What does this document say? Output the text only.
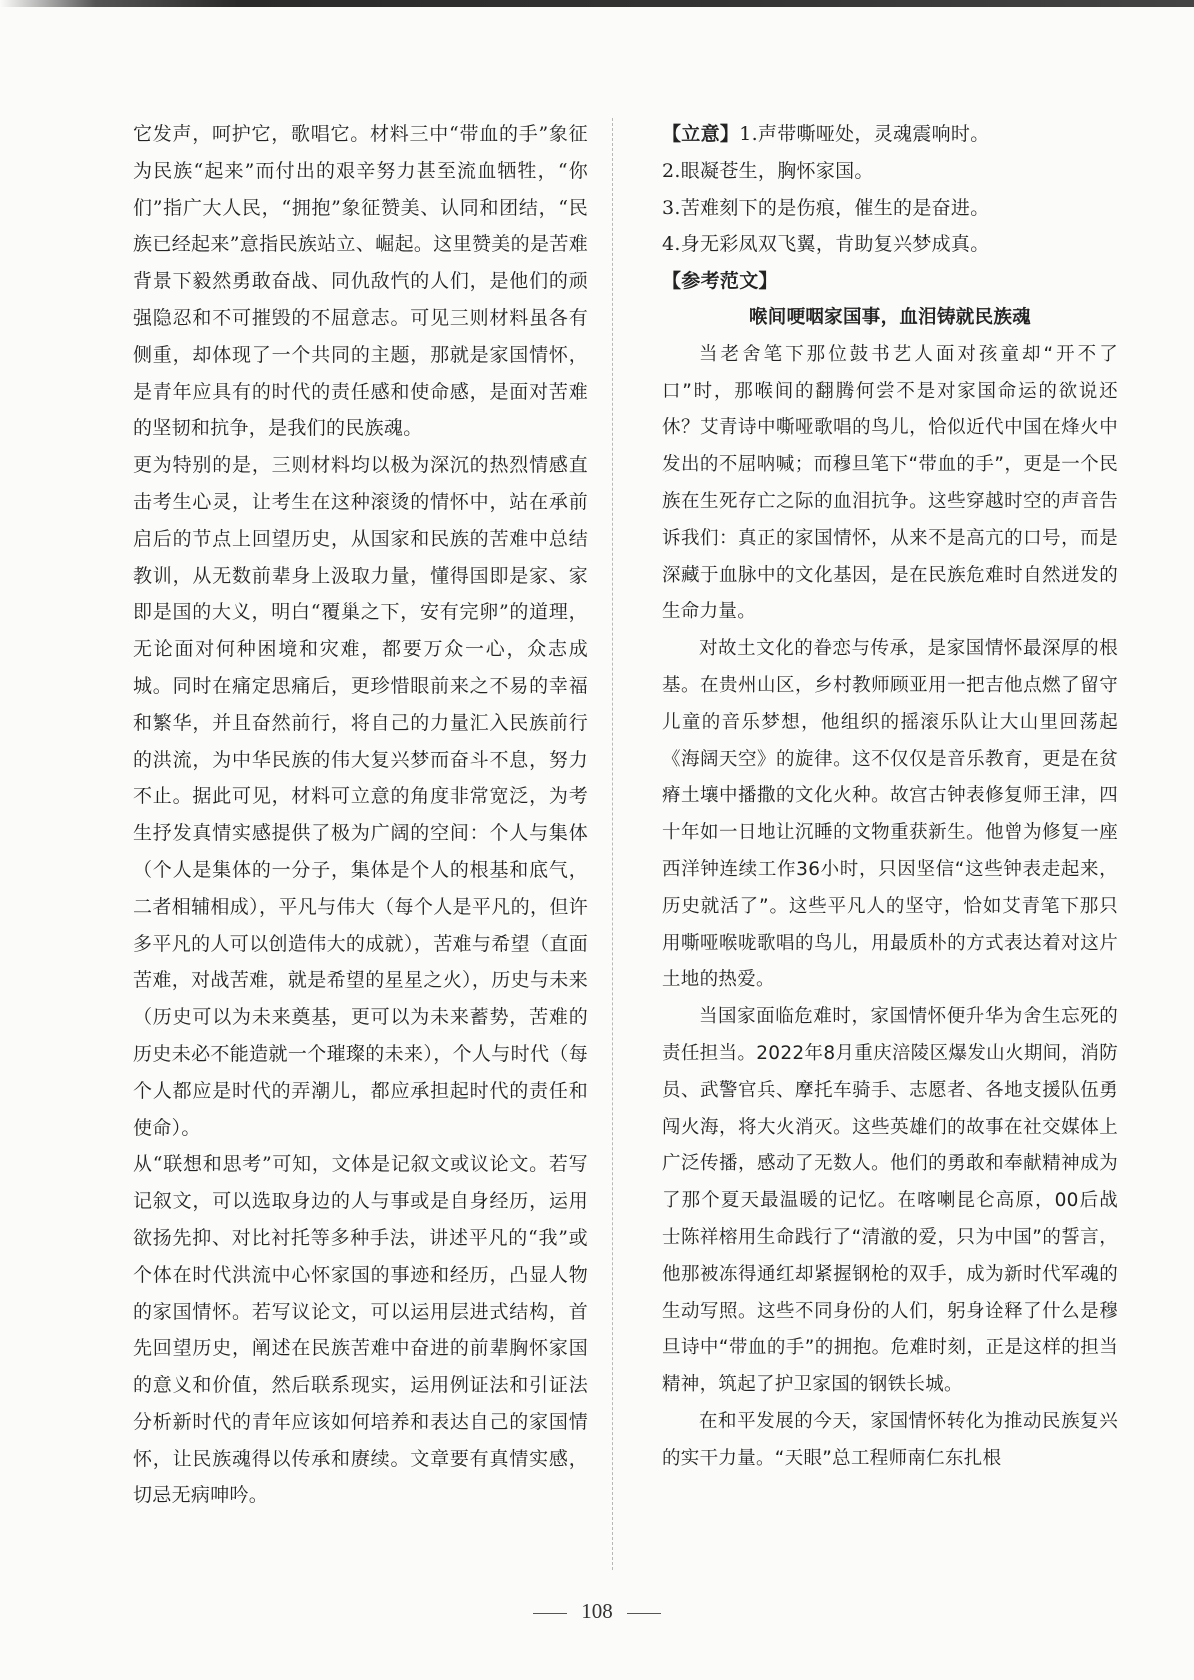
它发声，呵护它，歌唱它。材料三中“带血的手”象征为民族“起来”而付出的艰辛努力甚至流血牺牲，“你们”指广大人民，“拥抱”象征赞美、认同和团结，“民族已经起来”意指民族站立、崛起。这里赞美的是苦难背景下毅然勇敢奋战、同仇敌忾的人们，是他们的顽强隐忍和不可摧毁的不屈意志。可见三则材料虽各有侧重，却体现了一个共同的主题，那就是家国情怀，是青年应具有的时代的责任感和使命感，是面对苦难的坚韧和抗争，是我们的民族魂。

更为特别的是，三则材料均以极为深沉的热烈情感直击考生心灵，让考生在这种滚烫的情怀中，站在承前启后的节点上回望历史，从国家和民族的苦难中总结教训，从无数前辈身上汲取力量，懂得国即是家、家即是国的大义，明白“覆巢之下，安有完卵”的道理，无论面对何种困境和灾难，都要万众一心，众志成城。同时在痛定思痛后，更珍惜眼前来之不易的幸福和繁华，并且奋然前行，将自己的力量汇入民族前行的洪流，为中华民族的伟大复兴梦而奋斗不息，努力不止。据此可见，材料可立意的角度非常宽泛，为考生抒发真情实感提供了极为广阔的空间：个人与集体（个人是集体的一分子，集体是个人的根基和底气，二者相辅相成），平凡与伟大（每个人是平凡的，但许多平凡的人可以创造伟大的成就），苦难与希望（直面苦难，对战苦难，就是希望的星星之火），历史与未来（历史可以为未来奠基，更可以为未来蓄势，苦难的历史未必不能造就一个璀璨的未来），个人与时代（每个人都应是时代的弄潮儿，都应承担起时代的责任和使命）。

从“联想和思考”可知，文体是记叙文或议论文。若写记叙文，可以选取身边的人与事或是自身经历，运用欲扬先抑、对比衬托等多种手法，讲述平凡的“我”或个体在时代洪流中心怀家国的事迹和经历，凸显人物的家国情怀。若写议论文，可以运用层进式结构，首先回望历史，阐述在民族苦难中奋进的前辈胸怀家国的意义和价值，然后联系现实，运用例证法和引证法分析新时代的青年应该如何培养和表达自己的家国情怀，让民族魂得以传承和赓续。文章要有真情实感，切忌无病呻吟。

【立意】1.声带嘶哑处，灵魂震响时。

2.眼凝苍生，胸怀家国。

3.苦难刻下的是伤痕，催生的是奋进。

4.身无彩凤双飞翼，肯助复兴梦成真。

【参考范文】

喉间哽咽家国事，血泪铸就民族魂

当老舍笔下那位鼓书艺人面对孩童却“开不了口”时，那喉间的翻腾何尝不是对家国命运的欲说还休？艾青诗中嘶哑歌唱的鸟儿，恰似近代中国在烽火中发出的不屈呐喊；而穆旦笔下“带血的手”，更是一个民族在生死存亡之际的血泪抗争。这些穿越时空的声音告诉我们：真正的家国情怀，从来不是高亢的口号，而是深藏于血脉中的文化基因，是在民族危难时自然迸发的生命力量。

对故土文化的眷恋与传承，是家国情怀最深厚的根基。在贵州山区，乡村教师顾亚用一把吉他点燃了留守儿童的音乐梦想，他组织的摇滚乐队让大山里回荡起《海阔天空》的旋律。这不仅仅是音乐教育，更是在贫瘠土壤中播撒的文化火种。故宫古钟表修复师王津，四十年如一日地让沉睡的文物重获新生。他曾为修复一座西洋钟连续工作36小时，只因坚信“这些钟表走起来，历史就活了”。这些平凡人的坚守，恰如艾青笔下那只用嘶哑喉咙歌唱的鸟儿，用最质朴的方式表达着对这片土地的热爱。

当国家面临危难时，家国情怀便升华为舍生忘死的责任担当。2022年8月重庆涪陵区爆发山火期间，消防员、武警官兵、摩托车骑手、志愿者、各地支援队伍勇闯火海，将大火消灭。这些英雄们的故事在社交媒体上广泛传播，感动了无数人。他们的勇敢和奉献精神成为了那个夏天最温暖的记忆。在喀喇昆仑高原，00后战士陈祥榕用生命践行了“清澈的爱，只为中国”的誓言，他那被冻得通红却紧握钢枪的双手，成为新时代军魂的生动写照。这些不同身份的人们，躬身诠释了什么是穆旦诗中“带血的手”的拥抱。危难时刻，正是这样的担当精神，筑起了护卫家国的钢铁长城。

在和平发展的今天，家国情怀转化为推动民族复兴的实干力量。“天眼”总工程师南仁东扎根

108
